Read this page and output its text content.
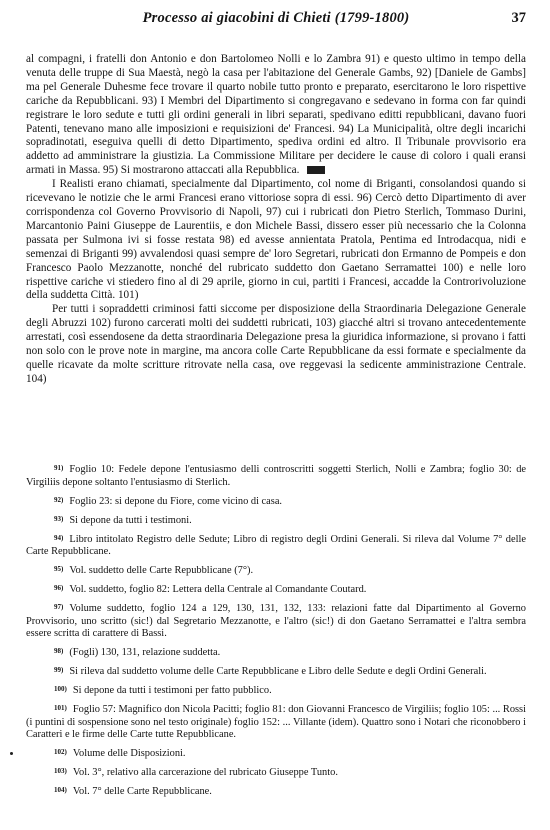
Processo ai giacobini di Chieti (1799-1800)	37

al compagni, i fratelli don Antonio e don Bartolomeo Nolli e lo Zambra 91) e questo ultimo in tempo della venuta delle truppe di Sua Maestà, negò la casa per l'abitazione del Generale Gambs, 92) [Daniele de Gambs] ma pel Generale Duhesme fece trovare il quarto nobile tutto pronto e preparato, esercitarono le loro rispettive cariche da Repubblicani. 93) I Membri del Dipartimento si congregavano e sedevano in forma con far quindi registrare le loro sedute e tutti gli ordini generali in libri separati, spedivano editti repubblicani, davano fuori Patenti, tenevano mano alle imposizioni e requisizioni de' Francesi. 94) La Municipalità, oltre degli incarichi sopradinotati, eseguiva quelli di detto Dipartimento, spediva ordini ed altro. Il Tribunale provvisorio era addetto ad amministrare la giustizia. La Commissione Militare per decidere le cause di coloro i quali eransi armati in Massa. 95) Si mostrarono attaccati alla Repubblica.

I Realisti erano chiamati, specialmente dal Dipartimento, col nome di Briganti, consolandosi quando si ricevevano le notizie che le armi Francesi erano vittoriose sopra di essi. 96) Cercò detto Dipartimento di aver corrispondenza col Governo Provvisorio di Napoli, 97) cui i rubricati don Pietro Sterlich, Tommaso Durini, Marcantonio Paini Giuseppe de Laurentiis, e don Michele Bassi, dissero esser più necessario che la Colonna passata per Sulmona ivi si fosse restata 98) ed avesse annientata Pratola, Pentima ed Introdacqua, nidi e semenzai di Briganti 99) avvalendosi quasi sempre de' loro Segretari, rubricati don Ermanno de Pompeis e don Francesco Paolo Mezzanotte, nonché del rubricato suddetto don Gaetano Serramattei 100) e nelle loro rispettive cariche vi stiedero fino al di 29 aprile, giorno in cui, partiti i Francesi, accadde la Controrivoluzione della suddetta Città. 101)

Per tutti i sopraddetti criminosi fatti siccome per disposizione della Straordinaria Delegazione Generale degli Abruzzi 102) furono carcerati molti dei suddetti rubricati, 103) giacché altri si trovano antecedentemente arrestati, così essendosene da detta straordinaria Delegazione presa la giuridica informazione, si provano i fatti non solo con le prove note in margine, ma ancora colle Carte Repubblicane da essi formate e specialmente da quelle ricavate da molte scritture ritrovate nella casa, ove reggevasi la sedicente amministrazione Centrale. 104)

91) Foglio 10: Fedele depone l'entusiasmo delli controscritti soggetti Sterlich, Nolli e Zambra; foglio 30: de Virgiliis depone soltanto l'entusiasmo di Sterlich.

92) Foglio 23: si depone du Fiore, come vicino di casa.

93) Si depone da tutti i testimoni.

94) Libro intitolato Registro delle Sedute; Libro di registro degli Ordini Generali. Si rileva dal Volume 7° delle Carte Repubblicane.

95) Vol. suddetto delle Carte Repubblicane (7°).

96) Vol. suddetto, foglio 82: Lettera della Centrale al Comandante Coutard.

97) Volume suddetto, foglio 124 a 129, 130, 131, 132, 133: relazioni fatte dal Dipartimento al Governo Provvisorio, uno scritto (sic!) dal Segretario Mezzanotte, e l'altro (sic!) di don Gaetano Serramattei e l'altra sembra essere scritta di carattere di Bassi.

98) (Fogli) 130, 131, relazione suddetta.

99) Si rileva dal suddetto volume delle Carte Repubblicane e Libro delle Sedute e degli Ordini Generali.

100) Si depone da tutti i testimoni per fatto pubblico.

101) Foglio 57: Magnifico don Nicola Pacitti; foglio 81: don Giovanni Francesco de Virgiliis; foglio 105: ... Rossi (i puntini di sospensione sono nel testo originale) foglio 152: ... Villante (idem). Quattro sono i Notari che riconobbero i Caratteri e le firme delle Carte tutte Repubblicane.

102) Volume delle Disposizioni.

103) Vol. 3°, relativo alla carcerazione del rubricato Giuseppe Tunto.

104) Vol. 7° delle Carte Repubblicane.
